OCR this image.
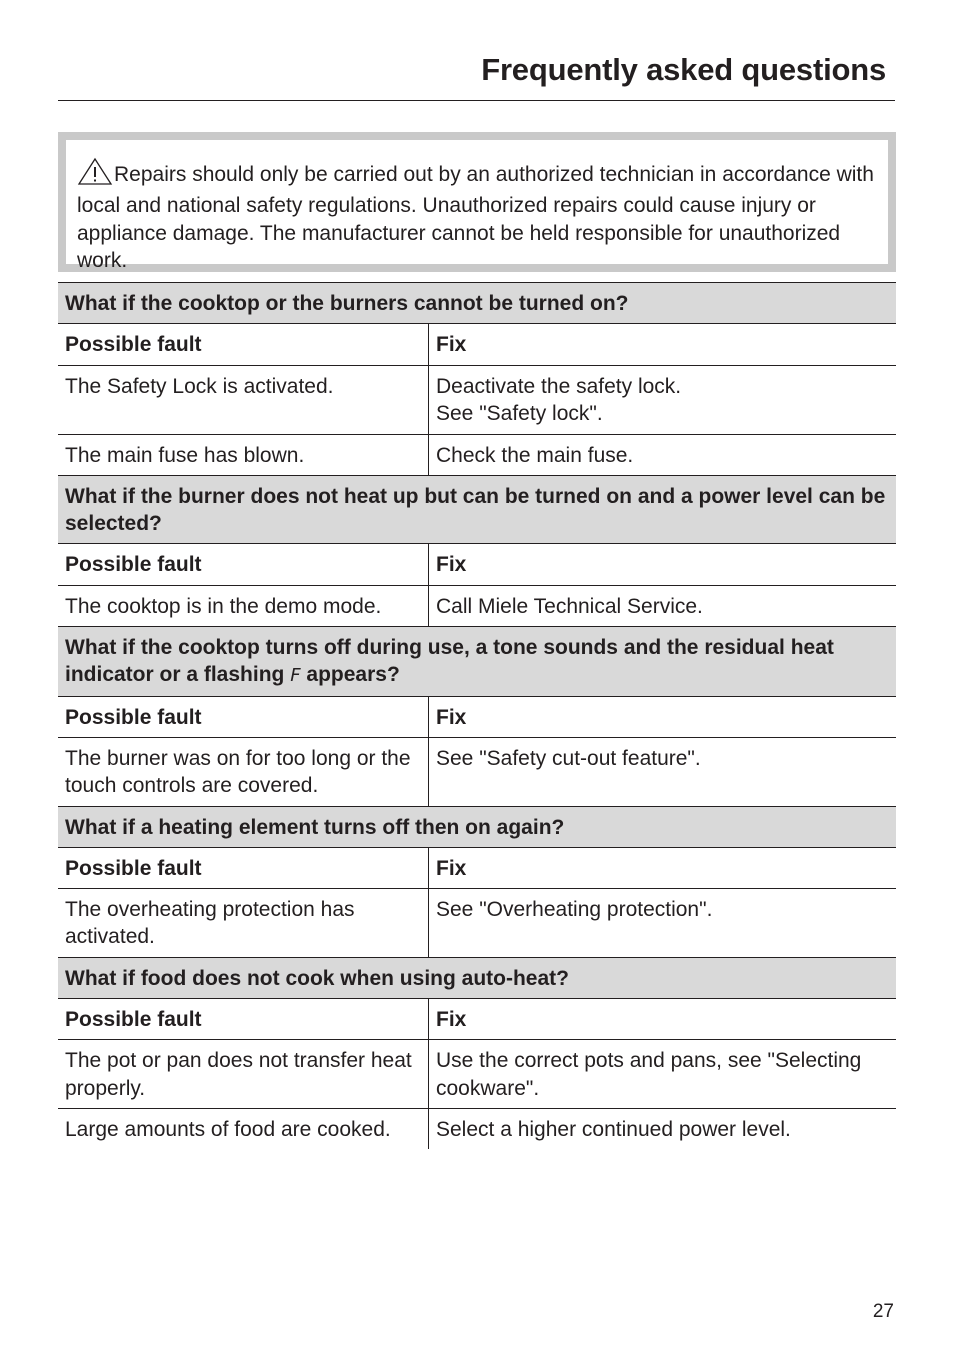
Frequently asked questions
Repairs should only be carried out by an authorized technician in accordance with local and national safety regulations. Unauthorized repairs could cause injury or appliance damage. The manufacturer cannot be held responsible for unauthorized work.
What if the cooktop or the burners cannot be turned on?	
Possible fault	Fix
The Safety Lock is activated.	Deactivate the safety lock.
See "Safety lock".

The main fuse has blown.	Check the main fuse.
What if the burner does not heat up but can be turned on and a power level can be selected?	
Possible fault	Fix
The cooktop is in the demo mode.	Call Miele Technical Service.
What if the cooktop turns off during use, a tone sounds and the residual heat indicator or a flashing F appears?	
Possible fault	Fix
The burner was on for too long or the touch controls are covered.	See "Safety cut-out feature".
What if a heating element turns off then on again?	
Possible fault	Fix
The overheating protection has activated.	See "Overheating protection".
What if food does not cook when using auto-heat?	
Possible fault	Fix
The pot or pan does not transfer heat properly.	Use the correct pots and pans, see "Selecting cookware".
Large amounts of food are cooked.	Select a higher continued power level.
27
